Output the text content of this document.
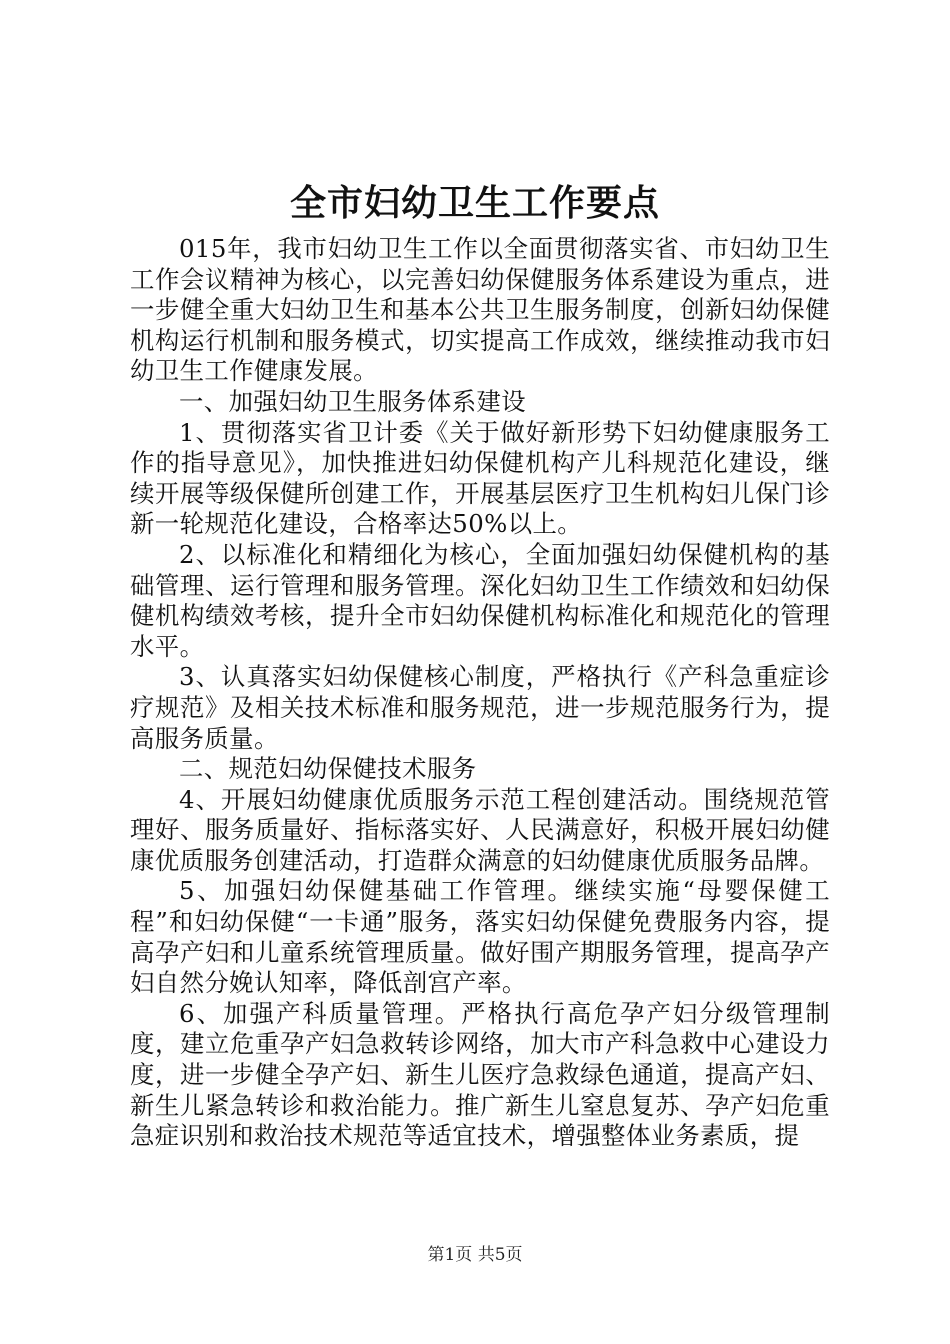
全市妇幼卫生工作要点

015年，我市妇幼卫生工作以全面贯彻落实省、市妇幼卫生工作会议精神为核心，以完善妇幼保健服务体系建设为重点，进一步健全重大妇幼卫生和基本公共卫生服务制度，创新妇幼保健机构运行机制和服务模式，切实提高工作成效，继续推动我市妇幼卫生工作健康发展。

一、加强妇幼卫生服务体系建设

1、贯彻落实省卫计委《关于做好新形势下妇幼健康服务工作的指导意见》，加快推进妇幼保健机构产儿科规范化建设，继续开展等级保健所创建工作，开展基层医疗卫生机构妇儿保门诊新一轮规范化建设，合格率达50%以上。

2、以标准化和精细化为核心，全面加强妇幼保健机构的基础管理、运行管理和服务管理。深化妇幼卫生工作绩效和妇幼保健机构绩效考核，提升全市妇幼保健机构标准化和规范化的管理水平。

3、认真落实妇幼保健核心制度，严格执行《产科急重症诊疗规范》及相关技术标准和服务规范，进一步规范服务行为，提高服务质量。

二、规范妇幼保健技术服务

4、开展妇幼健康优质服务示范工程创建活动。围绕规范管理好、服务质量好、指标落实好、人民满意好，积极开展妇幼健康优质服务创建活动，打造群众满意的妇幼健康优质服务品牌。

5、加强妇幼保健基础工作管理。继续实施“母婴保健工程”和妇幼保健“一卡通”服务，落实妇幼保健免费服务内容，提高孕产妇和儿童系统管理质量。做好围产期服务管理，提高孕产妇自然分娩认知率，降低剖宫产率。

6、加强产科质量管理。严格执行高危孕产妇分级管理制度，建立危重孕产妇急救转诊网络，加大市产科急救中心建设力度，进一步健全孕产妇、新生儿医疗急救绿色通道，提高产妇、新生儿紧急转诊和救治能力。推广新生儿窒息复苏、孕产妇危重急症识别和救治技术规范等适宜技术，增强整体业务素质，提

第1页 共5页
